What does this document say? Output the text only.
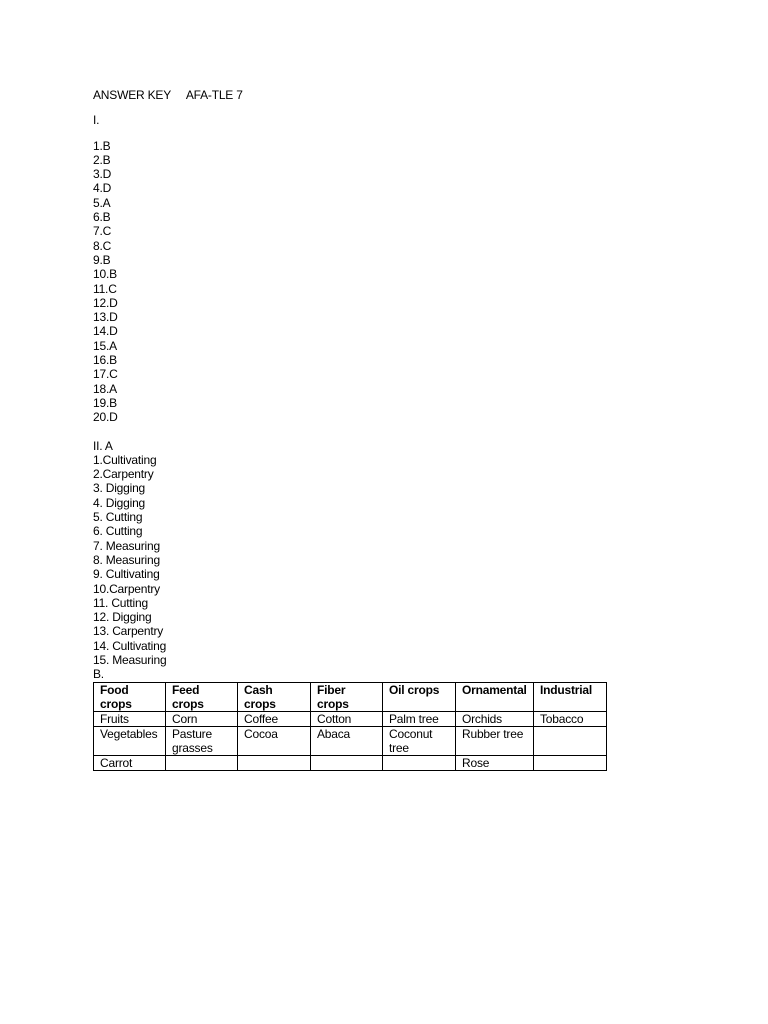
ANSWER KEY AFA-TLE 7
I.
1.B
2.B
3.D
4.D
5.A
6.B
7.C
8.C
9.B
10.B
11.C
12.D
13.D
14.D
15.A
16.B
17.C
18.A
19.B
20.D
II. A
1.Cultivating
2.Carpentry
3. Digging
4. Digging
5. Cutting
6. Cutting
7. Measuring
8. Measuring
9. Cultivating
10.Carpentry
11. Cutting
12. Digging
13. Carpentry
14. Cultivating
15. Measuring
B.
Food crops	Feed crops	Cash crops	Fiber crops	Oil crops	Ornamental	Industrial
Fruits	Corn	Coffee	Cotton	Palm tree	Orchids	Tobacco
Vegetables	Pasture grasses	Cocoa	Abaca	Coconut tree	Rubber tree	
Carrot					Rose	
